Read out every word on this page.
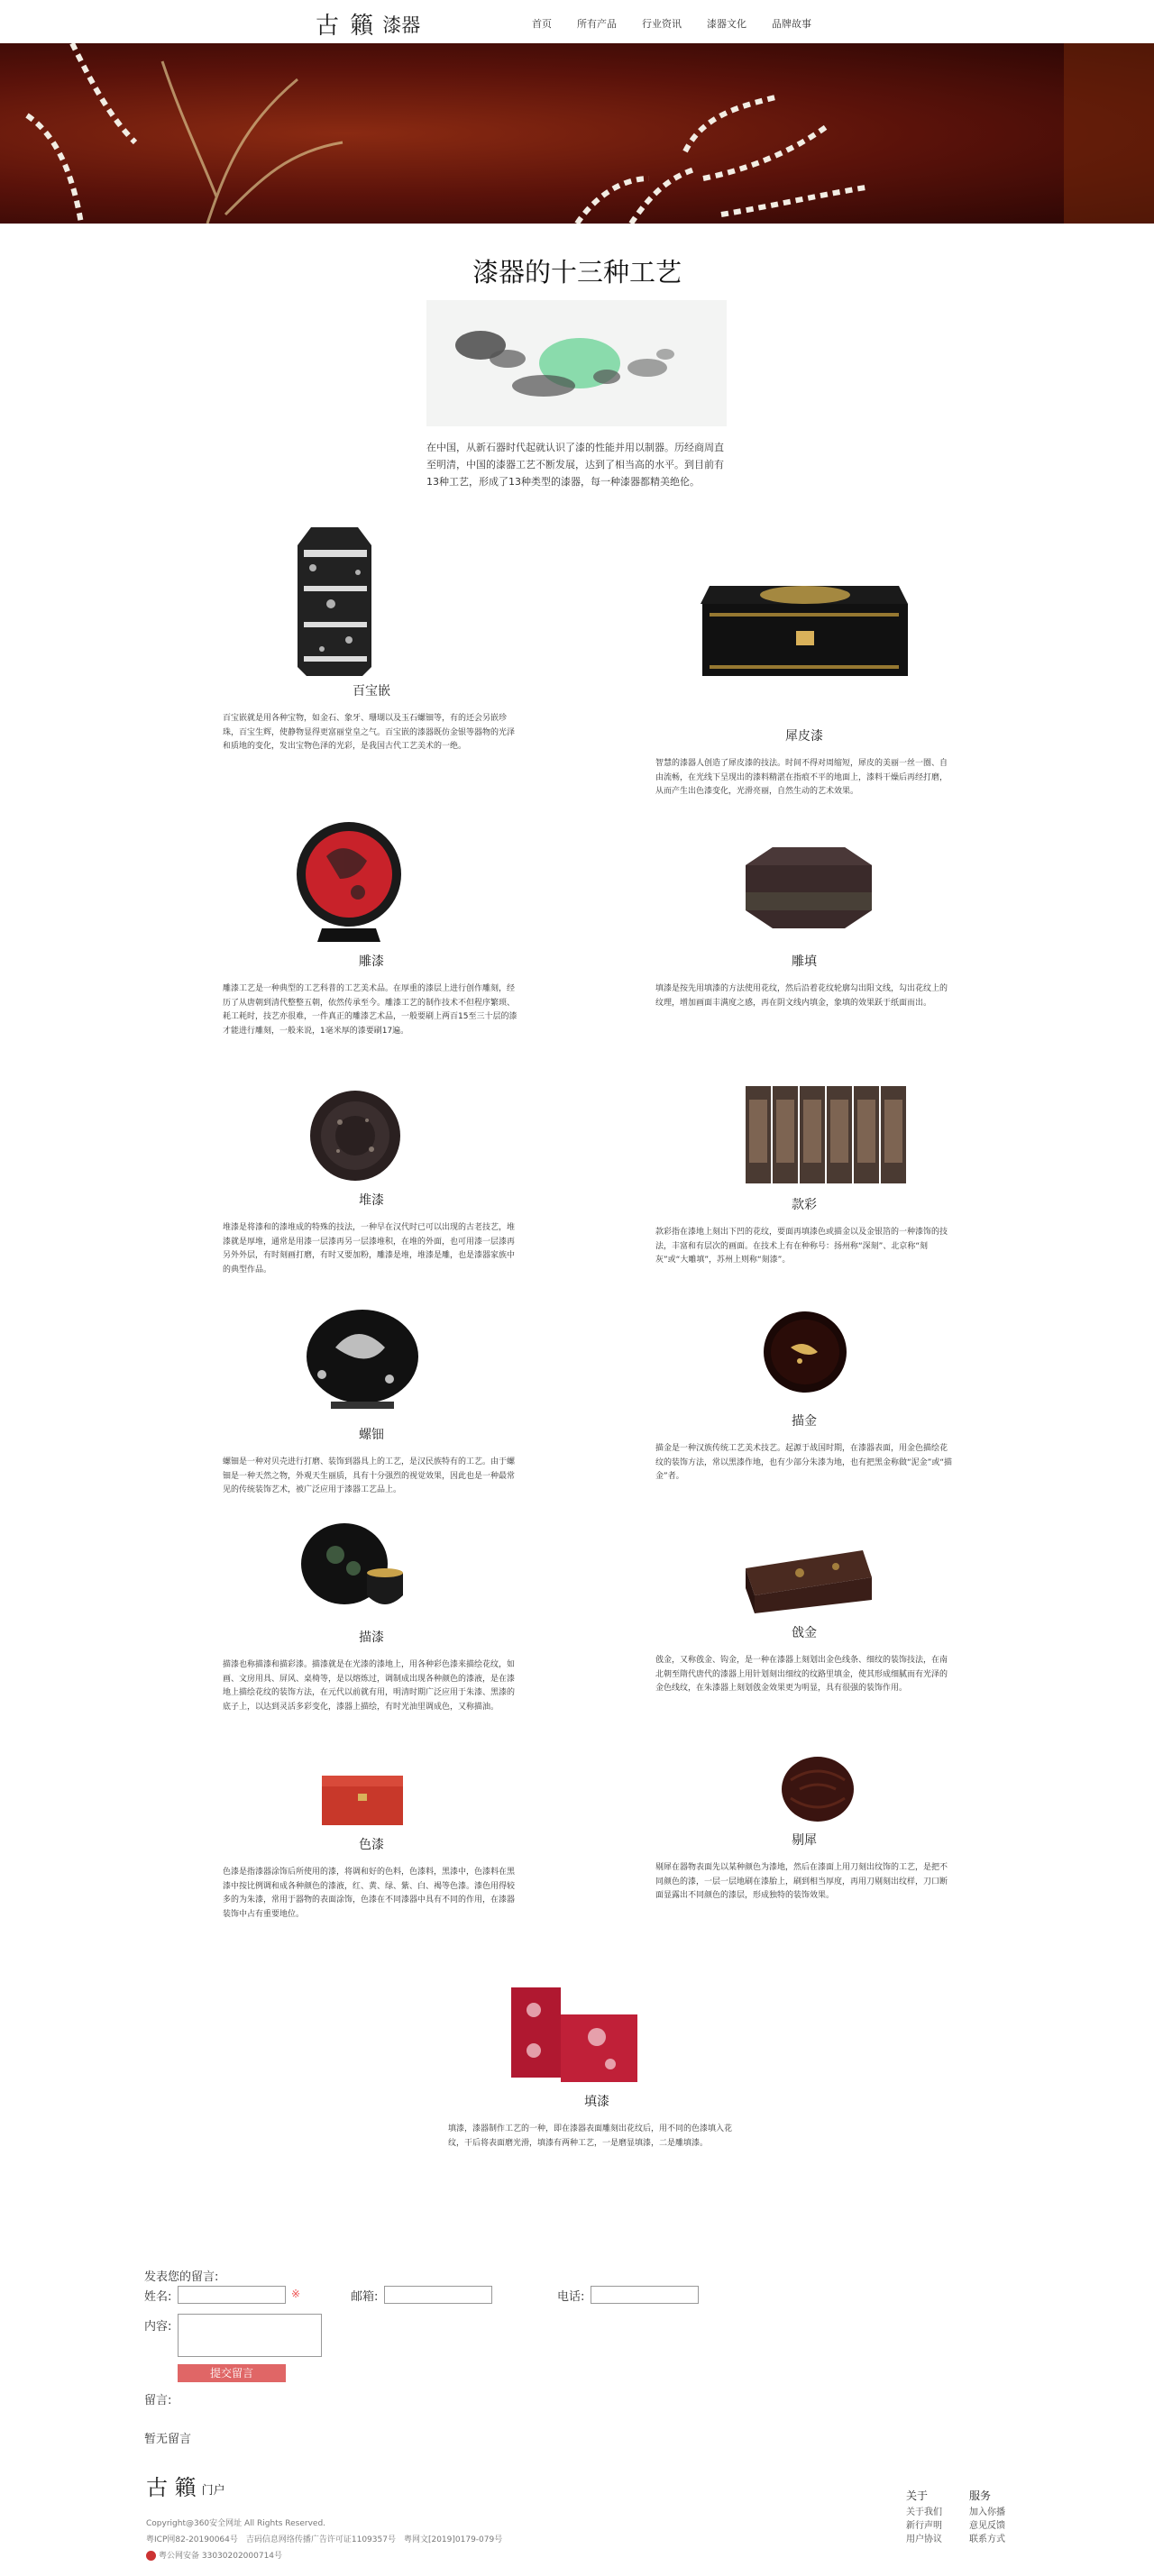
古 籟 漆器	首页	所有产品	行业资讯	漆器文化	品牌故事
漆器的十三种工艺
在中国，从新石器时代起就认识了漆的性能并用以制器。历经商周直至明清，中国的漆器工艺不断发展，达到了相当高的水平。到目前有13种工艺，形成了13种类型的漆器，每一种漆器都精美绝伦。
百宝嵌
百宝嵌就是用各种宝物，如金石、象牙、珊瑚以及玉石螺钿等，有的还会另嵌珍珠，百宝生辉，使静物显得更富丽堂皇之气。百宝嵌的漆器既仿金银等器物的光泽和质地的变化，发出宝物色泽的光彩，是我国古代工艺美术的一绝。
犀皮漆
智慧的漆器人创造了犀皮漆的技法。时间不得对周缩短，犀皮的美丽一丝一圈、自由流畅，在光线下呈现出的漆料精湛在指痕不平的地面上，漆料干燥后再经打磨，从而产生出色漆变化，光滑亮丽，自然生动的艺术效果。
雕漆
雕漆工艺是一种典型的工艺科普的工艺美术品。在厚重的漆层上进行创作雕刻，经历了从唐朝到清代整整五朝，依然传承至今。雕漆工艺的制作技术不但程序繁琐、耗工耗时，技艺亦很难，一件真正的雕漆艺术品，一般要刷上两百15至三十层的漆才能进行雕刻，一般来说，1毫米厚的漆要刷17遍。
雕填
填漆是按先用填漆的方法使用花纹，然后沿着花纹轮廓勾出阳文线，勾出花纹上的纹理，增加画面丰满度之感，再在阴文线内填金，象填的效果跃于纸面而出。
堆漆
堆漆是将漆和的漆堆成的特殊的技法，一种早在汉代时已可以出现的古老技艺，堆漆就是厚堆，通常是用漆一层漆再另一层漆堆积，在堆的外面，也可用漆一层漆再另外外层，有时刻画打磨，有时又要加粉，雕漆是堆，堆漆是雕，也是漆器家族中的典型作品。
款彩
款彩指在漆地上刻出下凹的花纹，要面再填漆色或描金以及金银箔的一种漆饰的技法，丰富和有层次的画面。在技术上有在种称号：扬州称“深刻”、北京称“刻灰”或“大雕填”，苏州上则称“刻漆”。
螺钿
螺钿是一种对贝壳进行打磨、装饰到器具上的工艺，是汉民族特有的工艺。由于螺钿是一种天然之物，外观天生丽质，具有十分强烈的视觉效果，因此也是一种最常见的传统装饰艺术，被广泛应用于漆器工艺品上。
描金
描金是一种汉族传统工艺美术技艺。起源于战国时期，在漆器表面，用金色描绘花纹的装饰方法，常以黑漆作地，也有少部分朱漆为地，也有把黑金称做“泥金”或“描金”者。
描漆
描漆也称描漆和描彩漆。描漆就是在光漆的漆地上，用各种彩色漆来描绘花纹，如画、文房用具、屏风、桌椅等，是以熔炼过，调制成出现各种颜色的漆液，是在漆地上描绘花纹的装饰方法，在元代以前就有用，明清时期广泛应用于朱漆、黑漆的底子上，以达到灵活多彩变化，漆器上描绘，有时光油里调成色，又称描油。
戗金
戗金，又称戗金、钩金，是一种在漆器上刻划出金色线条、细纹的装饰技法，在南北朝至隋代唐代的漆器上用针划刻出细纹的纹路里填金，使其形成细腻而有光泽的金色线纹，在朱漆器上刻划戗金效果更为明显，具有很强的装饰作用。
色漆
色漆是指漆器涂饰后所使用的漆，将调和好的色料，色漆料，黑漆中，色漆料在黑漆中按比例调和成各种颜色的漆液，红、黄、绿、紫、白、褐等色漆。漆色用得较多的为朱漆，常用于器物的表面涂饰，色漆在不同漆器中具有不同的作用，在漆器装饰中占有重要地位。
剔犀
剔犀在器物表面先以某种颜色为漆地，然后在漆面上用刀刻出纹饰的工艺，是把不同颜色的漆，一层一层地刷在漆胎上，刷到相当厚度，再用刀剔刻出纹样，刀口断面显露出不同颜色的漆层，形成独特的装饰效果。
填漆
填漆，漆器制作工艺的一种，即在漆器表面雕刻出花纹后，用不同的色漆填入花纹，干后将表面磨光滑，填漆有两种工艺，一是磨显填漆，二是雕填漆。
发表您的留言:
姓名:	※	邮箱:	电话:
内容:
提交留言
留言:
暂无留言
古 籟 门户
Copyright@360安全网址 All Rights Reserved.
粤ICP网82-20190064号　吉码信息网络传播广告许可证1109357号　粤网文[2019]0179-079号
粤公网安备 33030202000714号
关于
关于我们
新行声明
用户协议
服务
加入你播
意见反馈
联系方式
